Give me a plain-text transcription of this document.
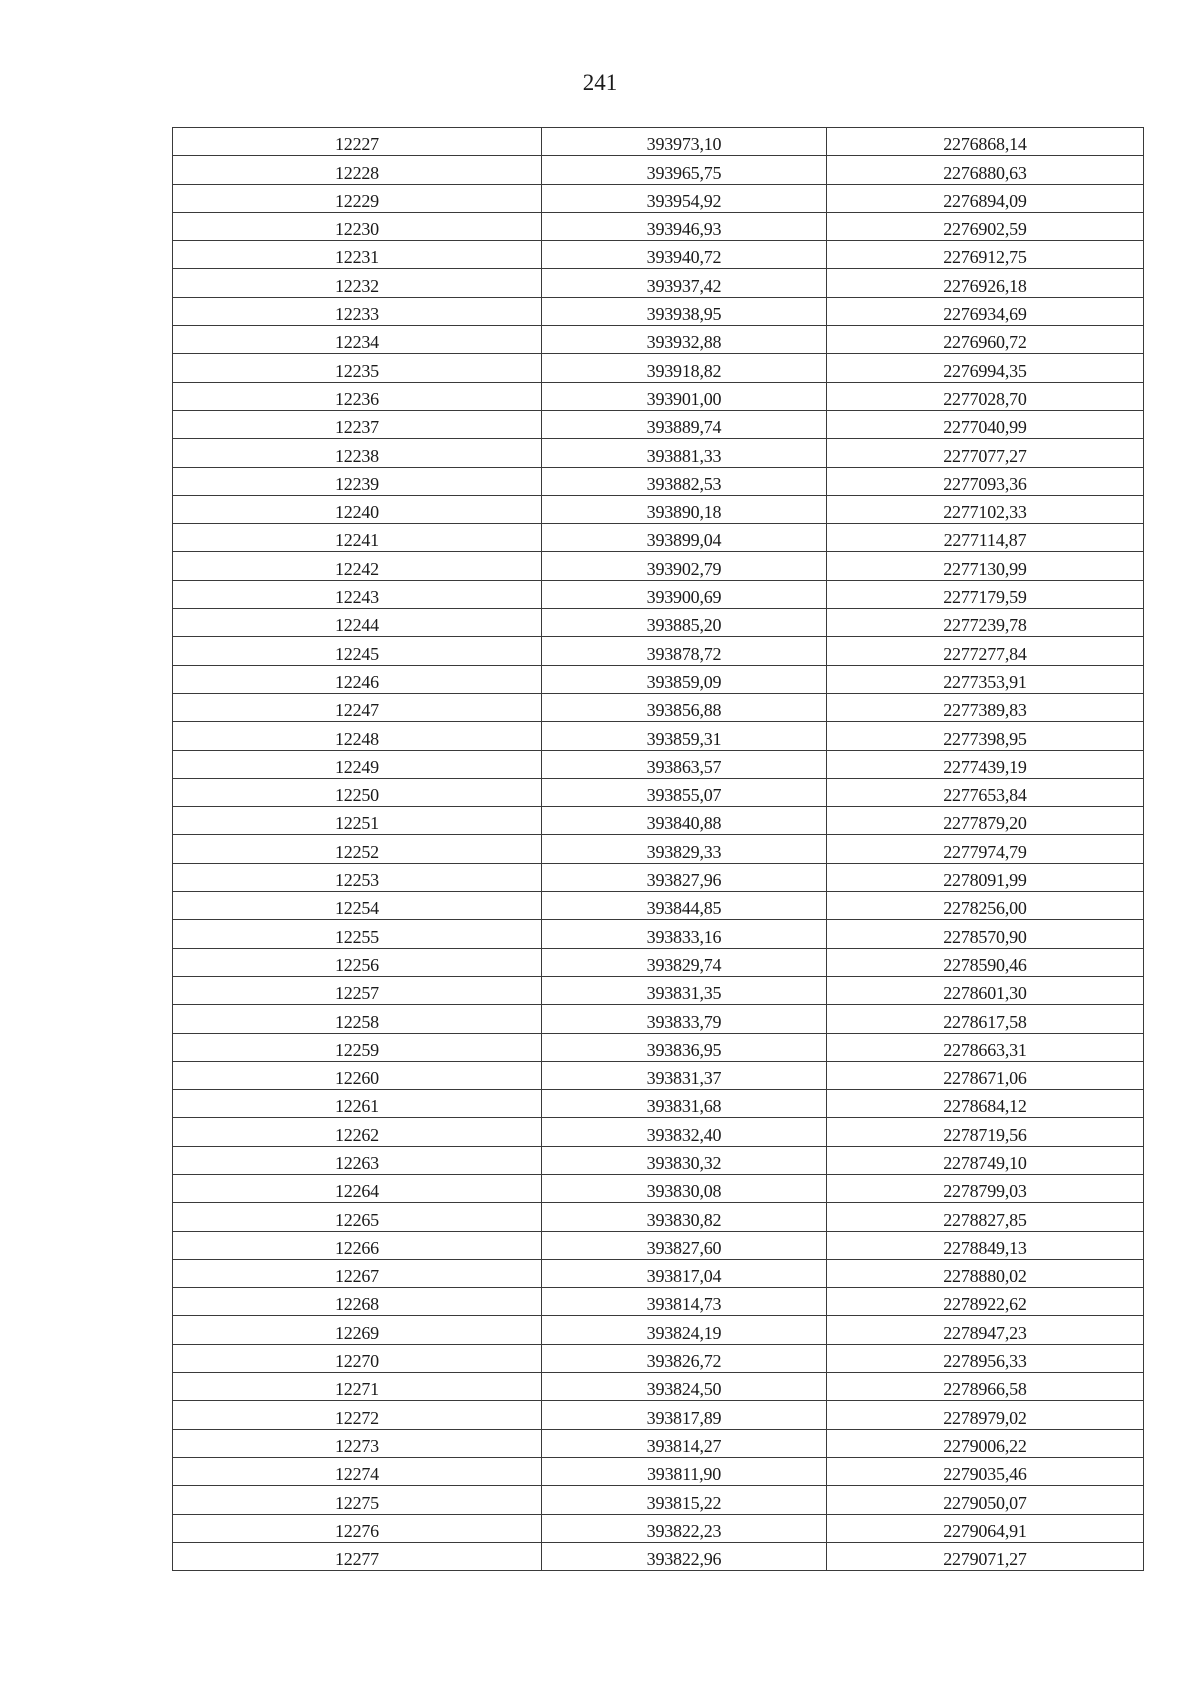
241
12227	393973,10	2276868,14
12228	393965,75	2276880,63
12229	393954,92	2276894,09
12230	393946,93	2276902,59
12231	393940,72	2276912,75
12232	393937,42	2276926,18
12233	393938,95	2276934,69
12234	393932,88	2276960,72
12235	393918,82	2276994,35
12236	393901,00	2277028,70
12237	393889,74	2277040,99
12238	393881,33	2277077,27
12239	393882,53	2277093,36
12240	393890,18	2277102,33
12241	393899,04	2277114,87
12242	393902,79	2277130,99
12243	393900,69	2277179,59
12244	393885,20	2277239,78
12245	393878,72	2277277,84
12246	393859,09	2277353,91
12247	393856,88	2277389,83
12248	393859,31	2277398,95
12249	393863,57	2277439,19
12250	393855,07	2277653,84
12251	393840,88	2277879,20
12252	393829,33	2277974,79
12253	393827,96	2278091,99
12254	393844,85	2278256,00
12255	393833,16	2278570,90
12256	393829,74	2278590,46
12257	393831,35	2278601,30
12258	393833,79	2278617,58
12259	393836,95	2278663,31
12260	393831,37	2278671,06
12261	393831,68	2278684,12
12262	393832,40	2278719,56
12263	393830,32	2278749,10
12264	393830,08	2278799,03
12265	393830,82	2278827,85
12266	393827,60	2278849,13
12267	393817,04	2278880,02
12268	393814,73	2278922,62
12269	393824,19	2278947,23
12270	393826,72	2278956,33
12271	393824,50	2278966,58
12272	393817,89	2278979,02
12273	393814,27	2279006,22
12274	393811,90	2279035,46
12275	393815,22	2279050,07
12276	393822,23	2279064,91
12277	393822,96	2279071,27
